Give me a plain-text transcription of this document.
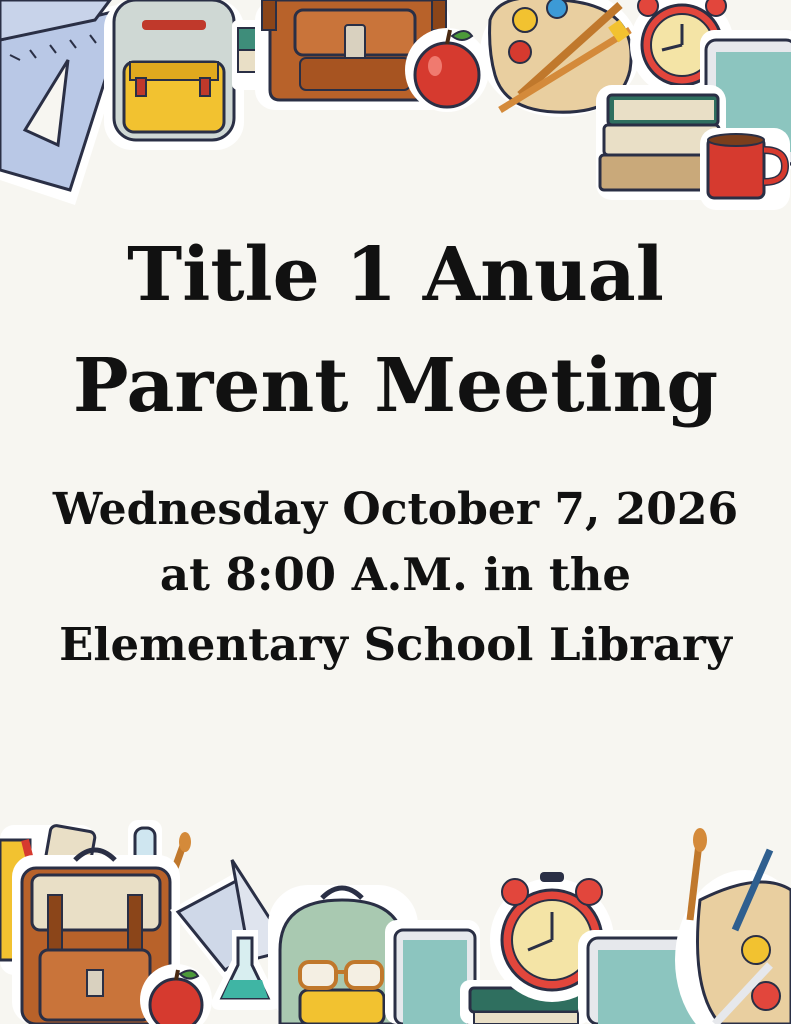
Title 1 Anual
Parent Meeting

Wednesday October 7, 2026

at 8:00 A.M. in the

Elementary School Library
